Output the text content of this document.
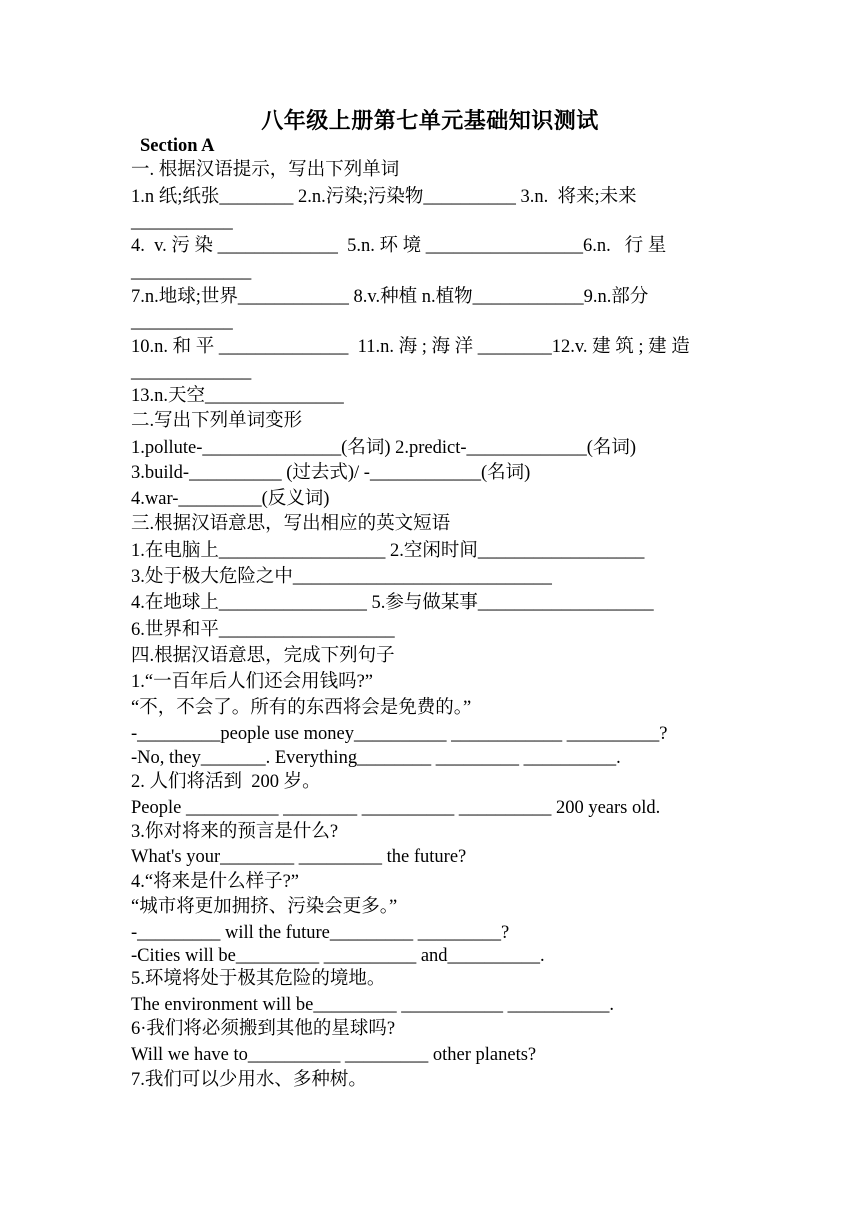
八年级上册第七单元基础知识测试
Section A
一. 根据汉语提示，写出下列单词
1.n 纸;纸张________ 2.n.污染;污染物__________ 3.n.  将来;未来
___________
4.  v. 污 染 _____________  5.n. 环 境 _________________6.n.   行 星
_____________
7.n.地球;世界____________ 8.v.种植 n.植物____________9.n.部分
___________
10.n. 和 平 ______________  11.n. 海 ; 海 洋 ________12.v. 建 筑 ; 建 造
_____________
13.n.天空_______________
二.写出下列单词变形
1.pollute-_______________(名词) 2.predict-_____________(名词)
3.build-__________ (过去式)/ -____________(名词)
4.war-_________(反义词)
三.根据汉语意思，写出相应的英文短语
1.在电脑上__________________ 2.空闲时间__________________
3.处于极大危险之中____________________________
4.在地球上________________ 5.参与做某事___________________
6.世界和平___________________
四.根据汉语意思，完成下列句子
1.“一百年后人们还会用钱吗?”
“不，不会了。所有的东西将会是免费的。”
-_________people use money__________ ____________ __________?
-No, they_______. Everything________ _________ __________.
2. 人们将活到  200 岁。
People __________ ________ __________ __________ 200 years old.
3.你对将来的预言是什么?
What's your________ _________ the future?
4.“将来是什么样子?”
“城市将更加拥挤、污染会更多。”
-_________ will the future_________ _________?
-Cities will be_________ __________ and__________.
5.环境将处于极其危险的境地。
The environment will be_________ ___________ ___________.
6·我们将必须搬到其他的星球吗?
Will we have to__________ _________ other planets?
7.我们可以少用水、多种树。
